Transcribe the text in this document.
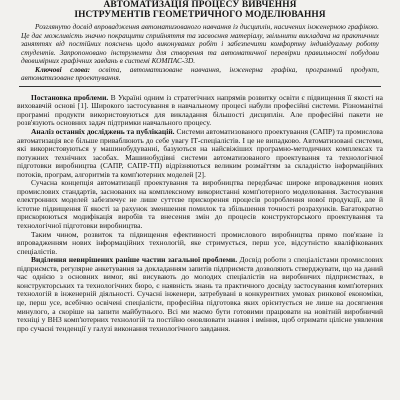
АВТОМАТИЗАЦІЯ ПРОЦЕСУ ВИВЧЕННЯ
ІНСТРУМЕНТІВ ГЕОМЕТРИЧНОГО МОДЕЛЮВАННЯ

Розглянуто досвід впровадження автоматизованого навчання із дисциплін, насичених інженерною графікою. Це дає можливість значно покращити сприйняття та засвоєння матеріалу, звільнити викладача на практичних заняттях від постійних пояснень щодо виконуваних робіт і забезпечити комфортну індивідуальну роботу студентів. Запропоновано інструменти для створення та автоматичної перевірки правильності побудови двовимірних графічних завдань в системі КОМПАС-3D.

Ключові слова: освіта, автоматизоване навчання, інженерна графіка, програмний продукт, автоматизоване проектування.

Постановка проблеми. В Україні одним із стратегічних напрямів розвитку освіти є підвищення її якості на виховавчій основі [1]. Широкого застосування в навчальному процесі набули професійні системи. Різноманітні програмні продукти використовуються для викладання більшості дисциплін. Але професійні пакети не розв'язують основних задач підтримки навчального процесу.

Аналіз останніх досліджень та публікацій. Системи автоматизованого проектування (САПР) та промислова автоматизація все більше приваблюють до себе увагу ІТ-спеціалістів. І це не випадково. Автоматизовані системи, які використовуються у машинобудуванні, базуються на найсвіжіших програмно-методичних комплексах та потужних технічних засобах. Машинобудівні системи автоматизованого проектування та технологічної підготовки виробництва (САПР, САПР-ТП) відрізняються великим розмаїттям за складністю інформаційних потоків, програм, алгоритмів та комп'ютерних моделей [2].

Сучасна концепція автоматизації проектування та виробництва передбачає широке впровадження нових промислових стандартів, заснованих на комплексному використанні комп'ютерного моделювання. Застосування електронних моделей забезпечує не лише суттєве прискорення процесів розроблення нової продукції, але й істотне підвищення її якості за рахунок зменшення помилок та збільшення точності розрахунків. Багатократно прискорюються модифікація виробів та внесення змін до процесів конструкторського проектування та технологічної підготовки виробництва.

Таким чином, розвиток та підвищення ефективності промислового виробництва прямо пов'язане із впровадженням нових інформаційних технологій, яке стримується, перш усе, відсутністю кваліфікованих спеціалістів.

Виділення невирішених раніше частин загальної проблеми. Досвід роботи з спеціалістами промислових підприємств, регулярне анкетування за докладанням запитів підприємств дозволяють стверджувати, що на даний час однією з основних вимог, які висувають до молодих спеціалістів на виробничих підприємствах, в конструкторських та технологічних бюро, є наявність знань та практичного досвіду застосування комп'ютерних технологій в інженерній діяльності. Сучасні інженери, затребувані в конкурентних умовах ринкової економіки, це, перш усе, всебічно освічені спеціалісти, професійна підготовка яких орієнтується не лише на досягнення минулого, а скоріше на запити майбутнього. Всі ми маємо бути готовими працювати на новітній виробничий техніці у ВНЗ комп'ютерних технологій та постійно оновлювати знання і вміння, щоб отримати цілісне уявлення про сучасні тенденції у галузі виконання технологічного завдання.
